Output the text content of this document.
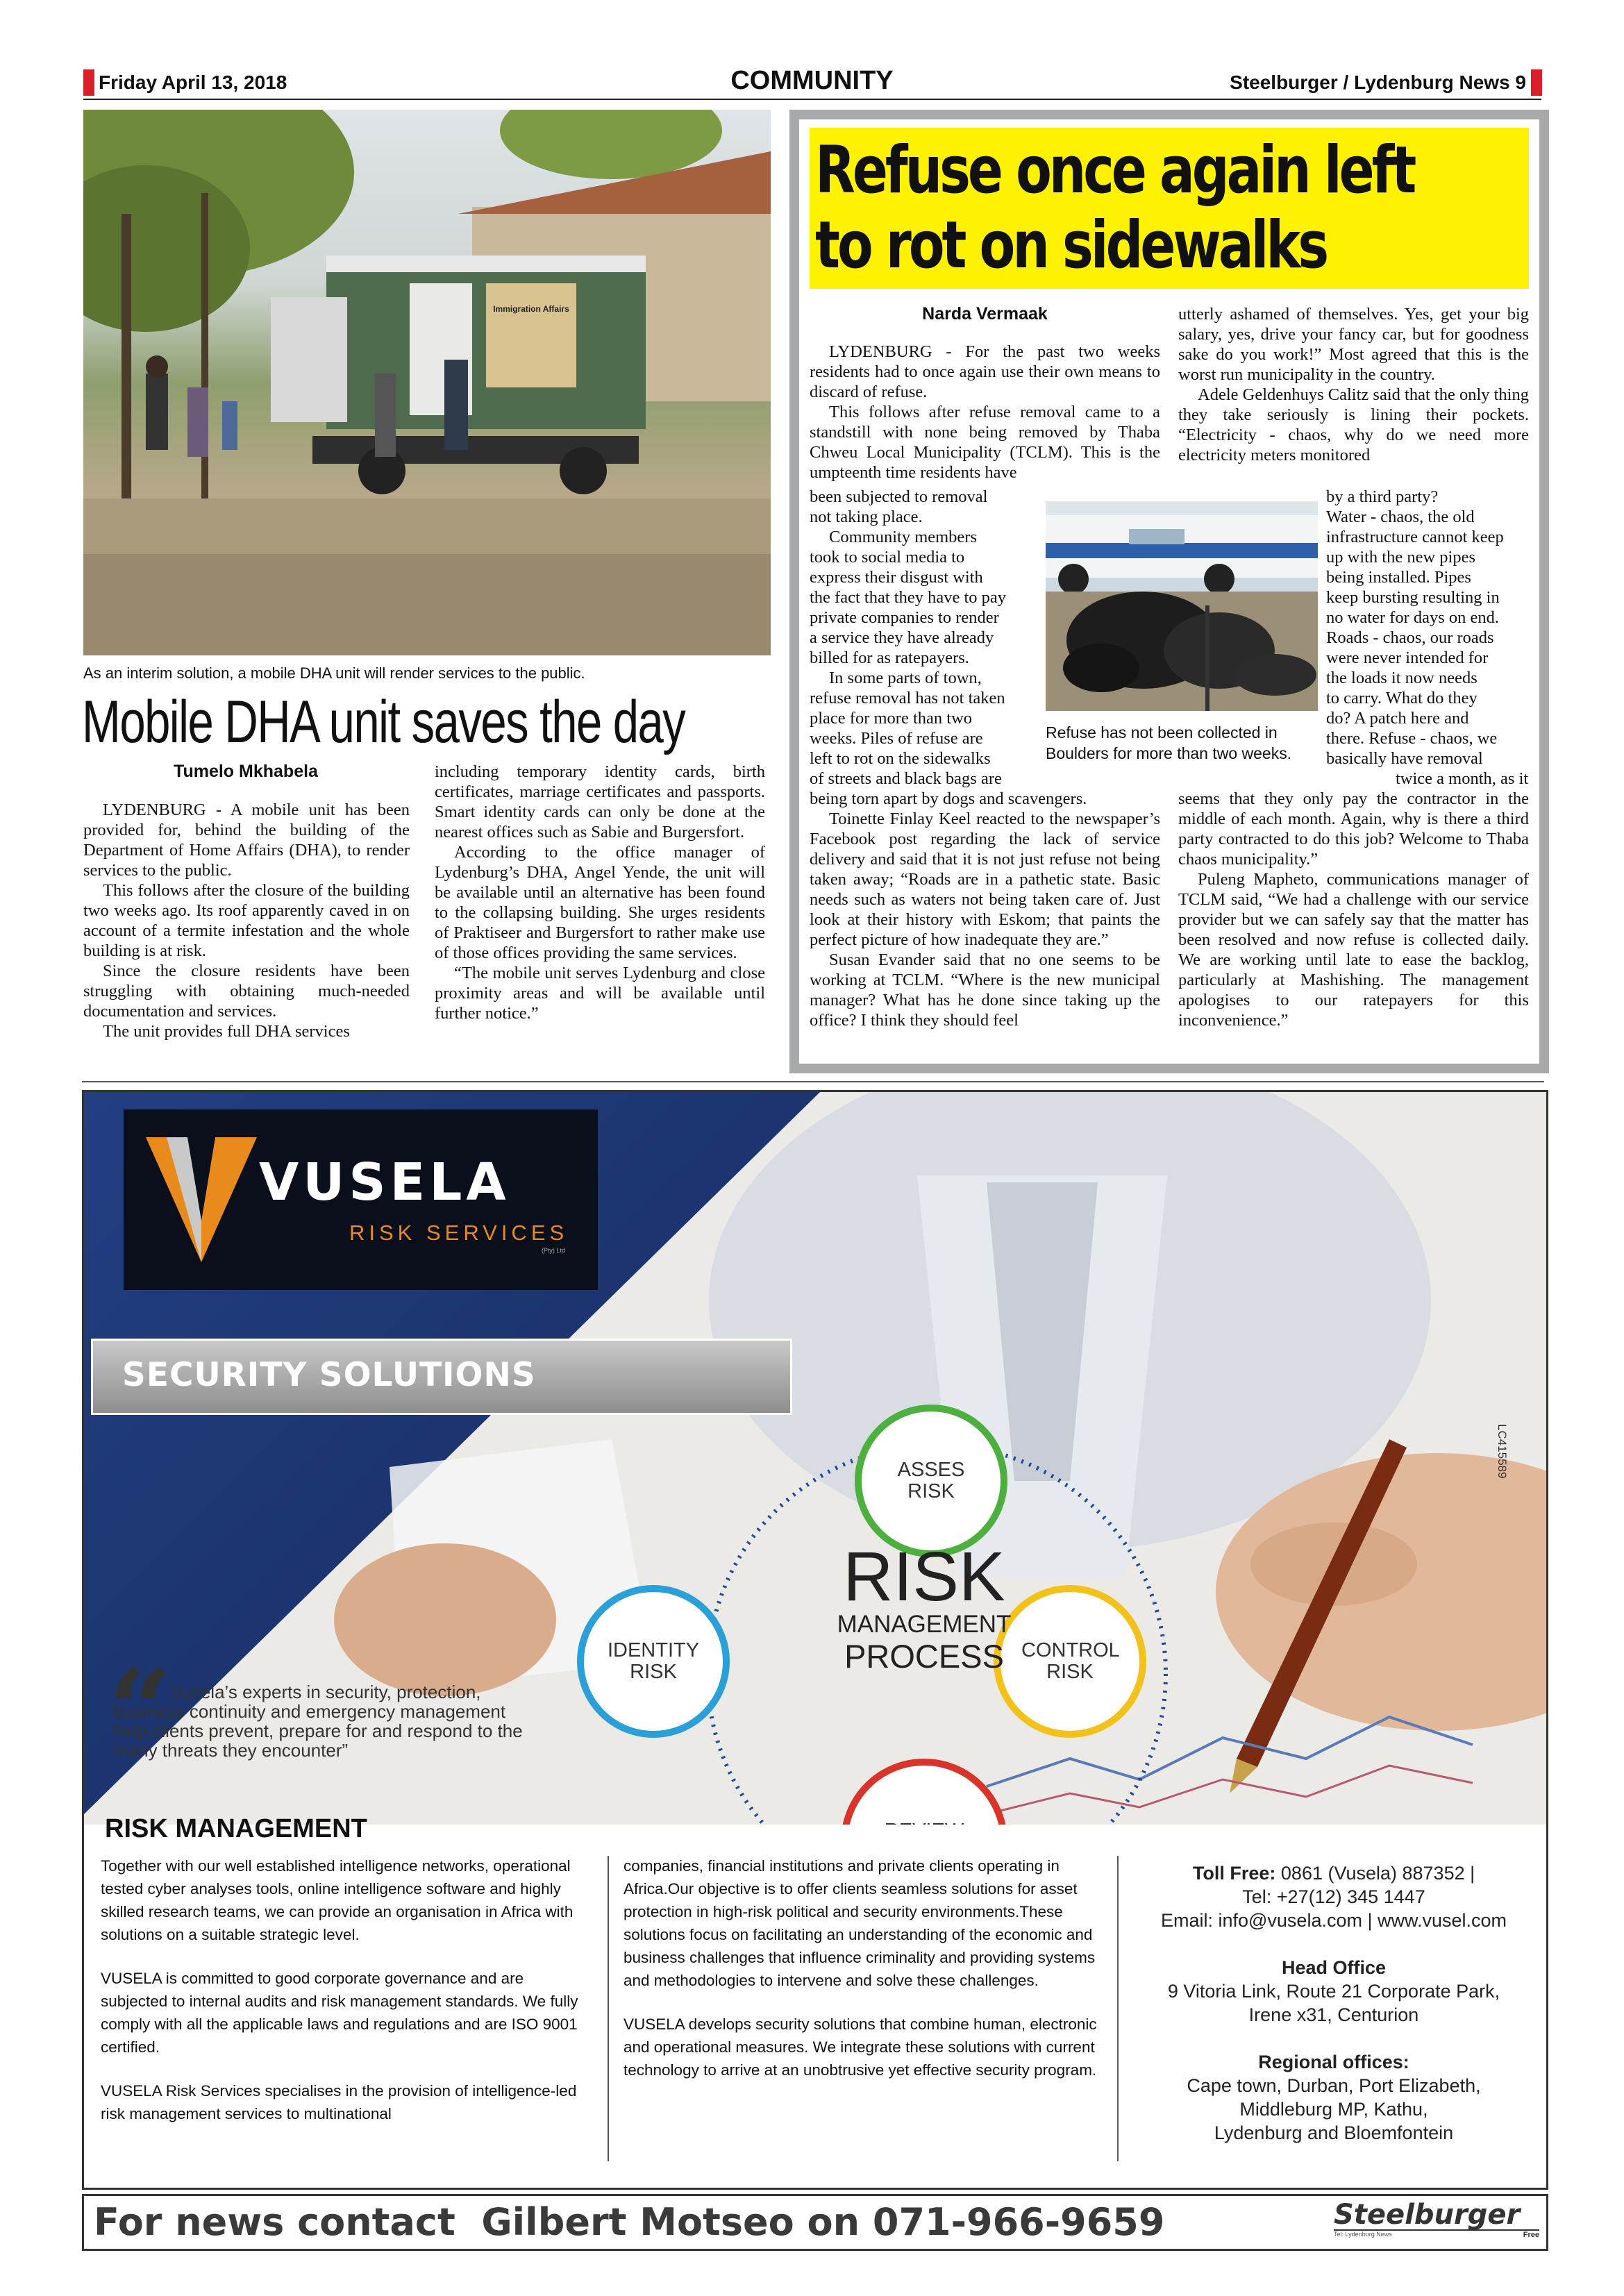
Friday April 13, 2018	COMMUNITY	Steelburger / Lydenburg News 9
Immigration Affairs
As an interim solution, a mobile DHA unit will render services to the public.
Mobile DHA unit saves the day
Tumelo Mkhabela

LYDENBURG - A mobile unit has been provided for, behind the building of the Department of Home Affairs (DHA), to render services to the public.

This follows after the closure of the building two weeks ago. Its roof apparently caved in on account of a termite infestation and the whole building is at risk.

Since the closure residents have been struggling with obtaining much-needed documentation and services.

The unit provides full DHA services

including temporary identity cards, birth certificates, marriage certificates and passports. Smart identity cards can only be done at the nearest offices such as Sabie and Burgersfort.

According to the office manager of Lydenburg’s DHA, Angel Yende, the unit will be available until an alternative has been found to the collapsing building. She urges residents of Praktiseer and Burgersfort to rather make use of those offices providing the same services.

“The mobile unit serves Lydenburg and close proximity areas and will be available until further notice.”

Refuse once again left
to rot on sidewalks
Narda Vermaak

LYDENBURG - For the past two weeks residents had to once again use their own means to discard of refuse.

This follows after refuse removal came to a standstill with none being removed by Thaba Chweu Local Municipality (TCLM). This is the umpteenth time residents have

been subjected to removal
not taking place.
Community members
took to social media to
express their disgust with
the fact that they have to pay
private companies to render
a service they have already
billed for as ratepayers.
In some parts of town,
refuse removal has not taken
place for more than two
weeks. Piles of refuse are
left to rot on the sidewalks
of streets and black bags are
Refuse has not been collected in Boulders for more than two weeks.

being torn apart by dogs and scavengers.

Toinette Finlay Keel reacted to the newspaper’s Facebook post regarding the lack of service delivery and said that it is not just refuse not being taken away; “Roads are in a pathetic state. Basic needs such as waters not being taken care of. Just look at their history with Eskom; that paints the perfect picture of how inadequate they are.”

Susan Evander said that no one seems to be working at TCLM. “Where is the new municipal manager? What has he done since taking up the office? I think they should feel

utterly ashamed of themselves. Yes, get your big salary, yes, drive your fancy car, but for goodness sake do you work!” Most agreed that this is the worst run municipality in the country.

Adele Geldenhuys Calitz said that the only thing they take seriously is lining their pockets. “Electricity - chaos, why do we need more electricity meters monitored

by a third party?
Water - chaos, the old
infrastructure cannot keep
up with the new pipes
being installed. Pipes
keep bursting resulting in
no water for days on end.
Roads - chaos, our roads
were never intended for
the loads it now needs
to carry. What do they
do? A patch here and
there. Refuse - chaos, we
basically have removal
twice a month, as it

seems that they only pay the contractor in the middle of each month. Again, why is there a third party contracted to do this job? Welcome to Thaba chaos municipality.”

Puleng Mapheto, communications manager of TCLM said, “We had a challenge with our service provider but we can safely say that the matter has been resolved and now refuse is collected daily. We are working until late to ease the backlog, particularly at Mashishing. The management apologises to our ratepayers for this inconvenience.”

VUSELA
RISK SERVICES
(Pty) Ltd
SECURITY SOLUTIONS
LC415589
ASSES RISK
IDENTITY RISK
CONTROL RISK
RISK
MANAGEMENT
PROCESS
“
Vusela’s experts in security, protection, business continuity and emergency management help clients prevent, prepare for and respond to the many threats they encounter”
RISK MANAGEMENT

Together with our well established intelligence networks, operational tested cyber analyses tools, online intelligence software and highly skilled research teams, we can provide an organisation in Africa with solutions on a suitable strategic level.

VUSELA is committed to good corporate governance and are subjected to internal audits and risk management standards. We fully comply with all the applicable laws and regulations and are ISO 9001 certified.

VUSELA Risk Services specialises in the provision of intelligence-led risk management services to multinational

companies, financial institutions and private clients operating in Africa.Our objective is to offer clients seamless solutions for asset protection in high-risk political and security environments.These solutions focus on facilitating an understanding of the economic and business challenges that influence criminality and providing systems and methodologies to intervene and solve these challenges.

VUSELA develops security solutions that combine human, electronic and operational measures. We integrate these solutions with current technology to arrive at an unobtrusive yet effective security program.

Toll Free: 0861 (Vusela) 887352 |
Tel: +27(12) 345 1447
Email: info@vusela.com | www.vusel.com
Head Office
9 Vitoria Link, Route 21 Corporate Park,
Irene x31, Centurion
Regional offices:
Cape town, Durban, Port Elizabeth,
Middleburg MP, Kathu,
Lydenburg and Bloemfontein
For news contact  Gilbert Motseo on 071-966-9659	Steelburger
Tel: Lydenburg News	Free
